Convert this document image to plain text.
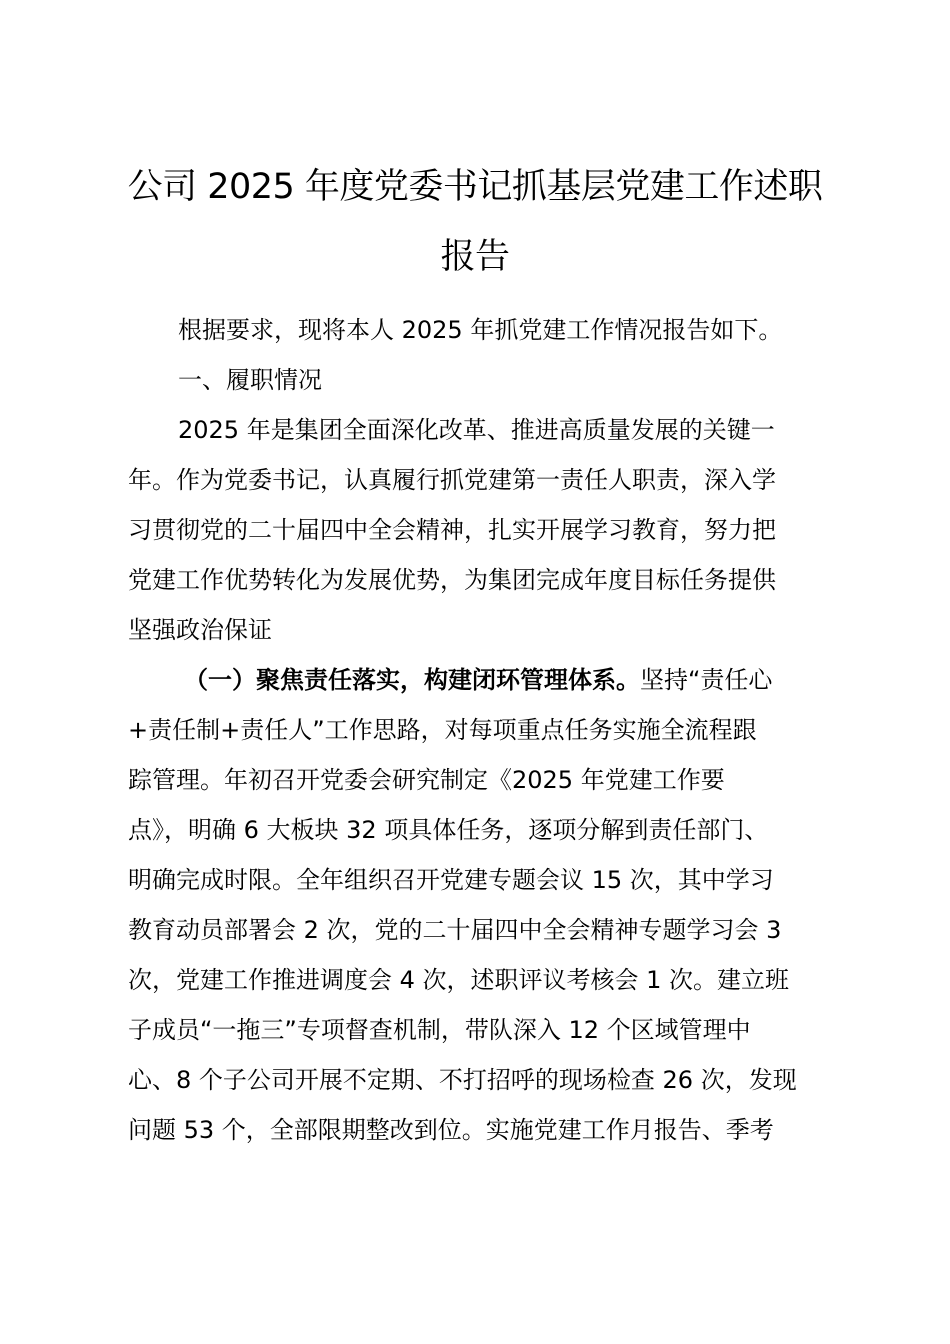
公司 2025 年度党委书记抓基层党建工作述职
报告
根据要求，现将本人 2025 年抓党建工作情况报告如下。
一、履职情况
2025 年是集团全面深化改革、推进高质量发展的关键一
年。作为党委书记，认真履行抓党建第一责任人职责，深入学
习贯彻党的二十届四中全会精神，扎实开展学习教育，努力把
党建工作优势转化为发展优势，为集团完成年度目标任务提供
坚强政治保证
（一）聚焦责任落实，构建闭环管理体系。坚持“责任心
+责任制+责任人”工作思路，对每项重点任务实施全流程跟
踪管理。年初召开党委会研究制定《2025 年党建工作要
点》，明确 6 大板块 32 项具体任务，逐项分解到责任部门、
明确完成时限。全年组织召开党建专题会议 15 次，其中学习
教育动员部署会 2 次，党的二十届四中全会精神专题学习会 3
次，党建工作推进调度会 4 次，述职评议考核会 1 次。建立班
子成员“一拖三”专项督查机制，带队深入 12 个区域管理中
心、8 个子公司开展不定期、不打招呼的现场检查 26 次，发现
问题 53 个，全部限期整改到位。实施党建工作月报告、季考
